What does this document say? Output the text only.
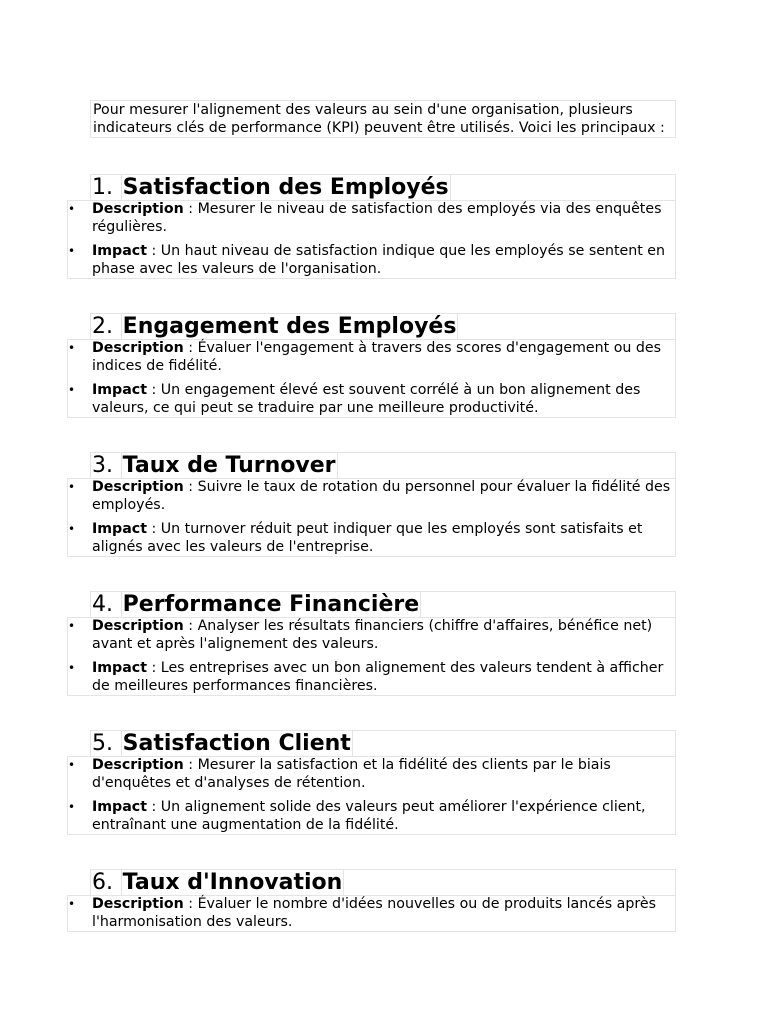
Pour mesurer l'alignement des valeurs au sein d'une organisation, plusieurs indicateurs clés de performance (KPI) peuvent être utilisés. Voici les principaux :

1. Satisfaction des Employés
• Description : Mesurer le niveau de satisfaction des employés via des enquêtes régulières.
• Impact : Un haut niveau de satisfaction indique que les employés se sentent en phase avec les valeurs de l'organisation.
2. Engagement des Employés
• Description : Évaluer l'engagement à travers des scores d'engagement ou des indices de fidélité.
• Impact : Un engagement élevé est souvent corrélé à un bon alignement des valeurs, ce qui peut se traduire par une meilleure productivité.
3. Taux de Turnover
• Description : Suivre le taux de rotation du personnel pour évaluer la fidélité des employés.
• Impact : Un turnover réduit peut indiquer que les employés sont satisfaits et alignés avec les valeurs de l'entreprise.
4. Performance Financière
• Description : Analyser les résultats financiers (chiffre d'affaires, bénéfice net) avant et après l'alignement des valeurs.
• Impact : Les entreprises avec un bon alignement des valeurs tendent à afficher de meilleures performances financières.
5. Satisfaction Client
• Description : Mesurer la satisfaction et la fidélité des clients par le biais d'enquêtes et d'analyses de rétention.
• Impact : Un alignement solide des valeurs peut améliorer l'expérience client, entraînant une augmentation de la fidélité.
6. Taux d'Innovation
• Description : Évaluer le nombre d'idées nouvelles ou de produits lancés après l'harmonisation des valeurs.
